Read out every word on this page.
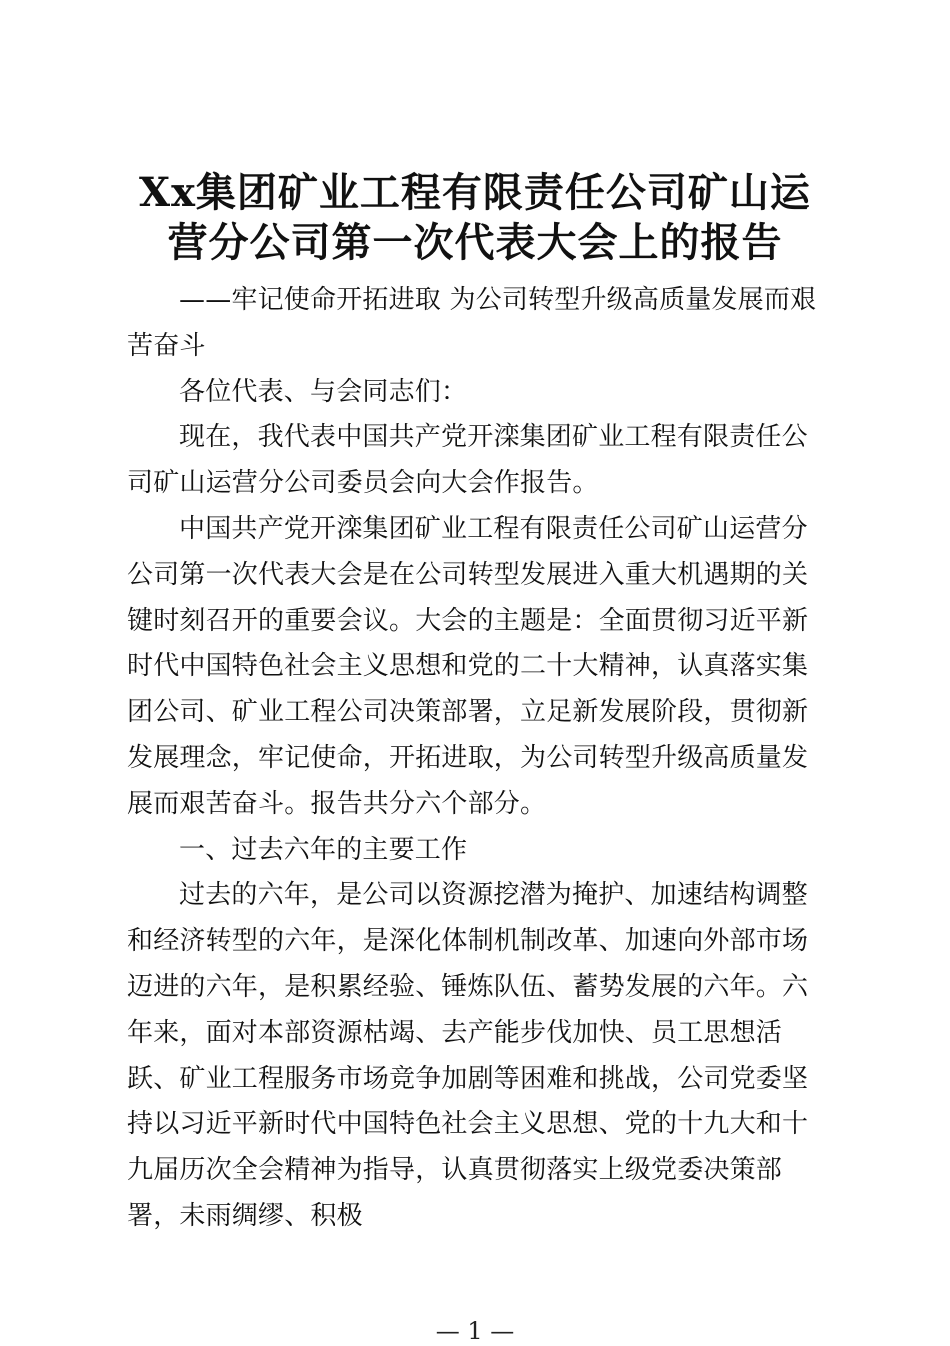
Xx集团矿业工程有限责任公司矿山运
营分公司第一次代表大会上的报告

——牢记使命开拓进取 为公司转型升级高质量发展而艰苦奋斗

各位代表、与会同志们：

现在，我代表中国共产党开滦集团矿业工程有限责任公司矿山运营分公司委员会向大会作报告。

中国共产党开滦集团矿业工程有限责任公司矿山运营分公司第一次代表大会是在公司转型发展进入重大机遇期的关键时刻召开的重要会议。大会的主题是：全面贯彻习近平新时代中国特色社会主义思想和党的二十大精神，认真落实集团公司、矿业工程公司决策部署，立足新发展阶段，贯彻新发展理念，牢记使命，开拓进取，为公司转型升级高质量发展而艰苦奋斗。报告共分六个部分。

一、过去六年的主要工作

过去的六年，是公司以资源挖潜为掩护、加速结构调整和经济转型的六年，是深化体制机制改革、加速向外部市场迈进的六年，是积累经验、锤炼队伍、蓄势发展的六年。六年来，面对本部资源枯竭、去产能步伐加快、员工思想活跃、矿业工程服务市场竞争加剧等困难和挑战，公司党委坚持以习近平新时代中国特色社会主义思想、党的十九大和十九届历次全会精神为指导，认真贯彻落实上级党委决策部署，未雨绸缪、积极

— 1 —
